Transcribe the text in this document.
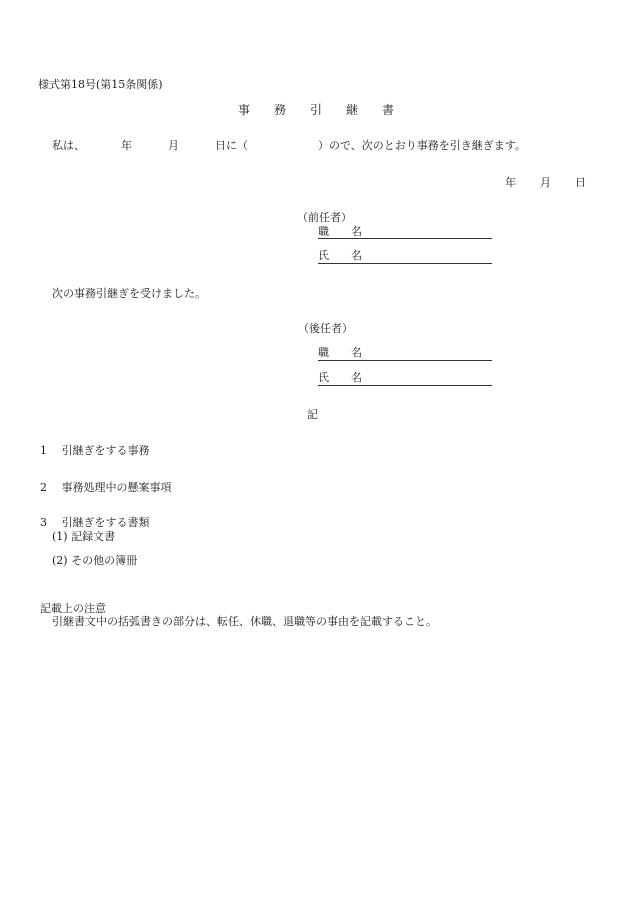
様式第18号(第15条関係)
事　　務　　引　　継　　書
私は、	年	月	日に（	）ので、次のとおり事務を引き継ぎます。
年 月 日
（前任者）
職　　名
氏　　名
次の事務引継ぎを受けました。
（後任者）
職　　名
氏　　名
記
1　 引継ぎをする事務
2　 事務処理中の懸案事項
3　 引継ぎをする書類
(1) 記録文書
(2) その他の簿冊
記載上の注意
引継書文中の括弧書きの部分は、転任、休職、退職等の事由を記載すること。
